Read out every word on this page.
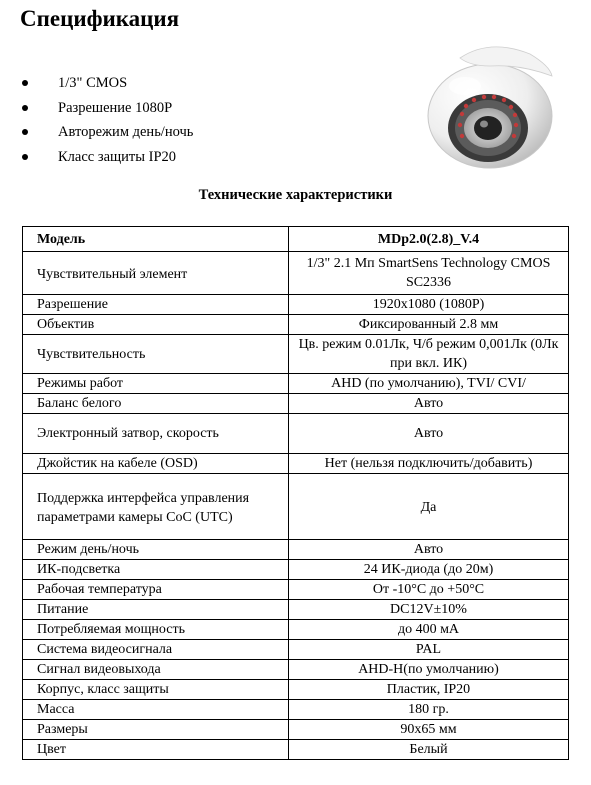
Спецификация
1/3" CMOS
Разрешение 1080P
Авторежим день/ночь
Класс защиты IP20
Технические характеристики
Модель	MDp2.0(2.8)_V.4
Чувствительный элемент	1/3" 2.1 Мп SmartSens Technology CMOS SC2336
Разрешение	1920x1080 (1080P)
Объектив	Фиксированный 2.8 мм
Чувствительность	Цв. режим 0.01Лк, Ч/б режим 0,001Лк (0Лк при вкл. ИК)
Режимы работ	AHD (по умолчанию), TVI/ CVI/
Баланс белого	Авто
Электронный затвор, скорость	Авто
Джойстик на кабеле (OSD)	Нет (нельзя подключить/добавить)
Поддержка интерфейса управления параметрами камеры CoC (UTC)	Да
Режим день/ночь	Авто
ИК-подсветка	24 ИК-диода (до 20м)
Рабочая температура	От -10°С до +50°С
Питание	DC12V±10%
Потребляемая мощность	до 400 мА
Система видеосигнала	PAL
Сигнал видеовыхода	AHD-H(по умолчанию)
Корпус, класс защиты	Пластик, IP20
Масса	180 гр.
Размеры	90x65 мм
Цвет	Белый
